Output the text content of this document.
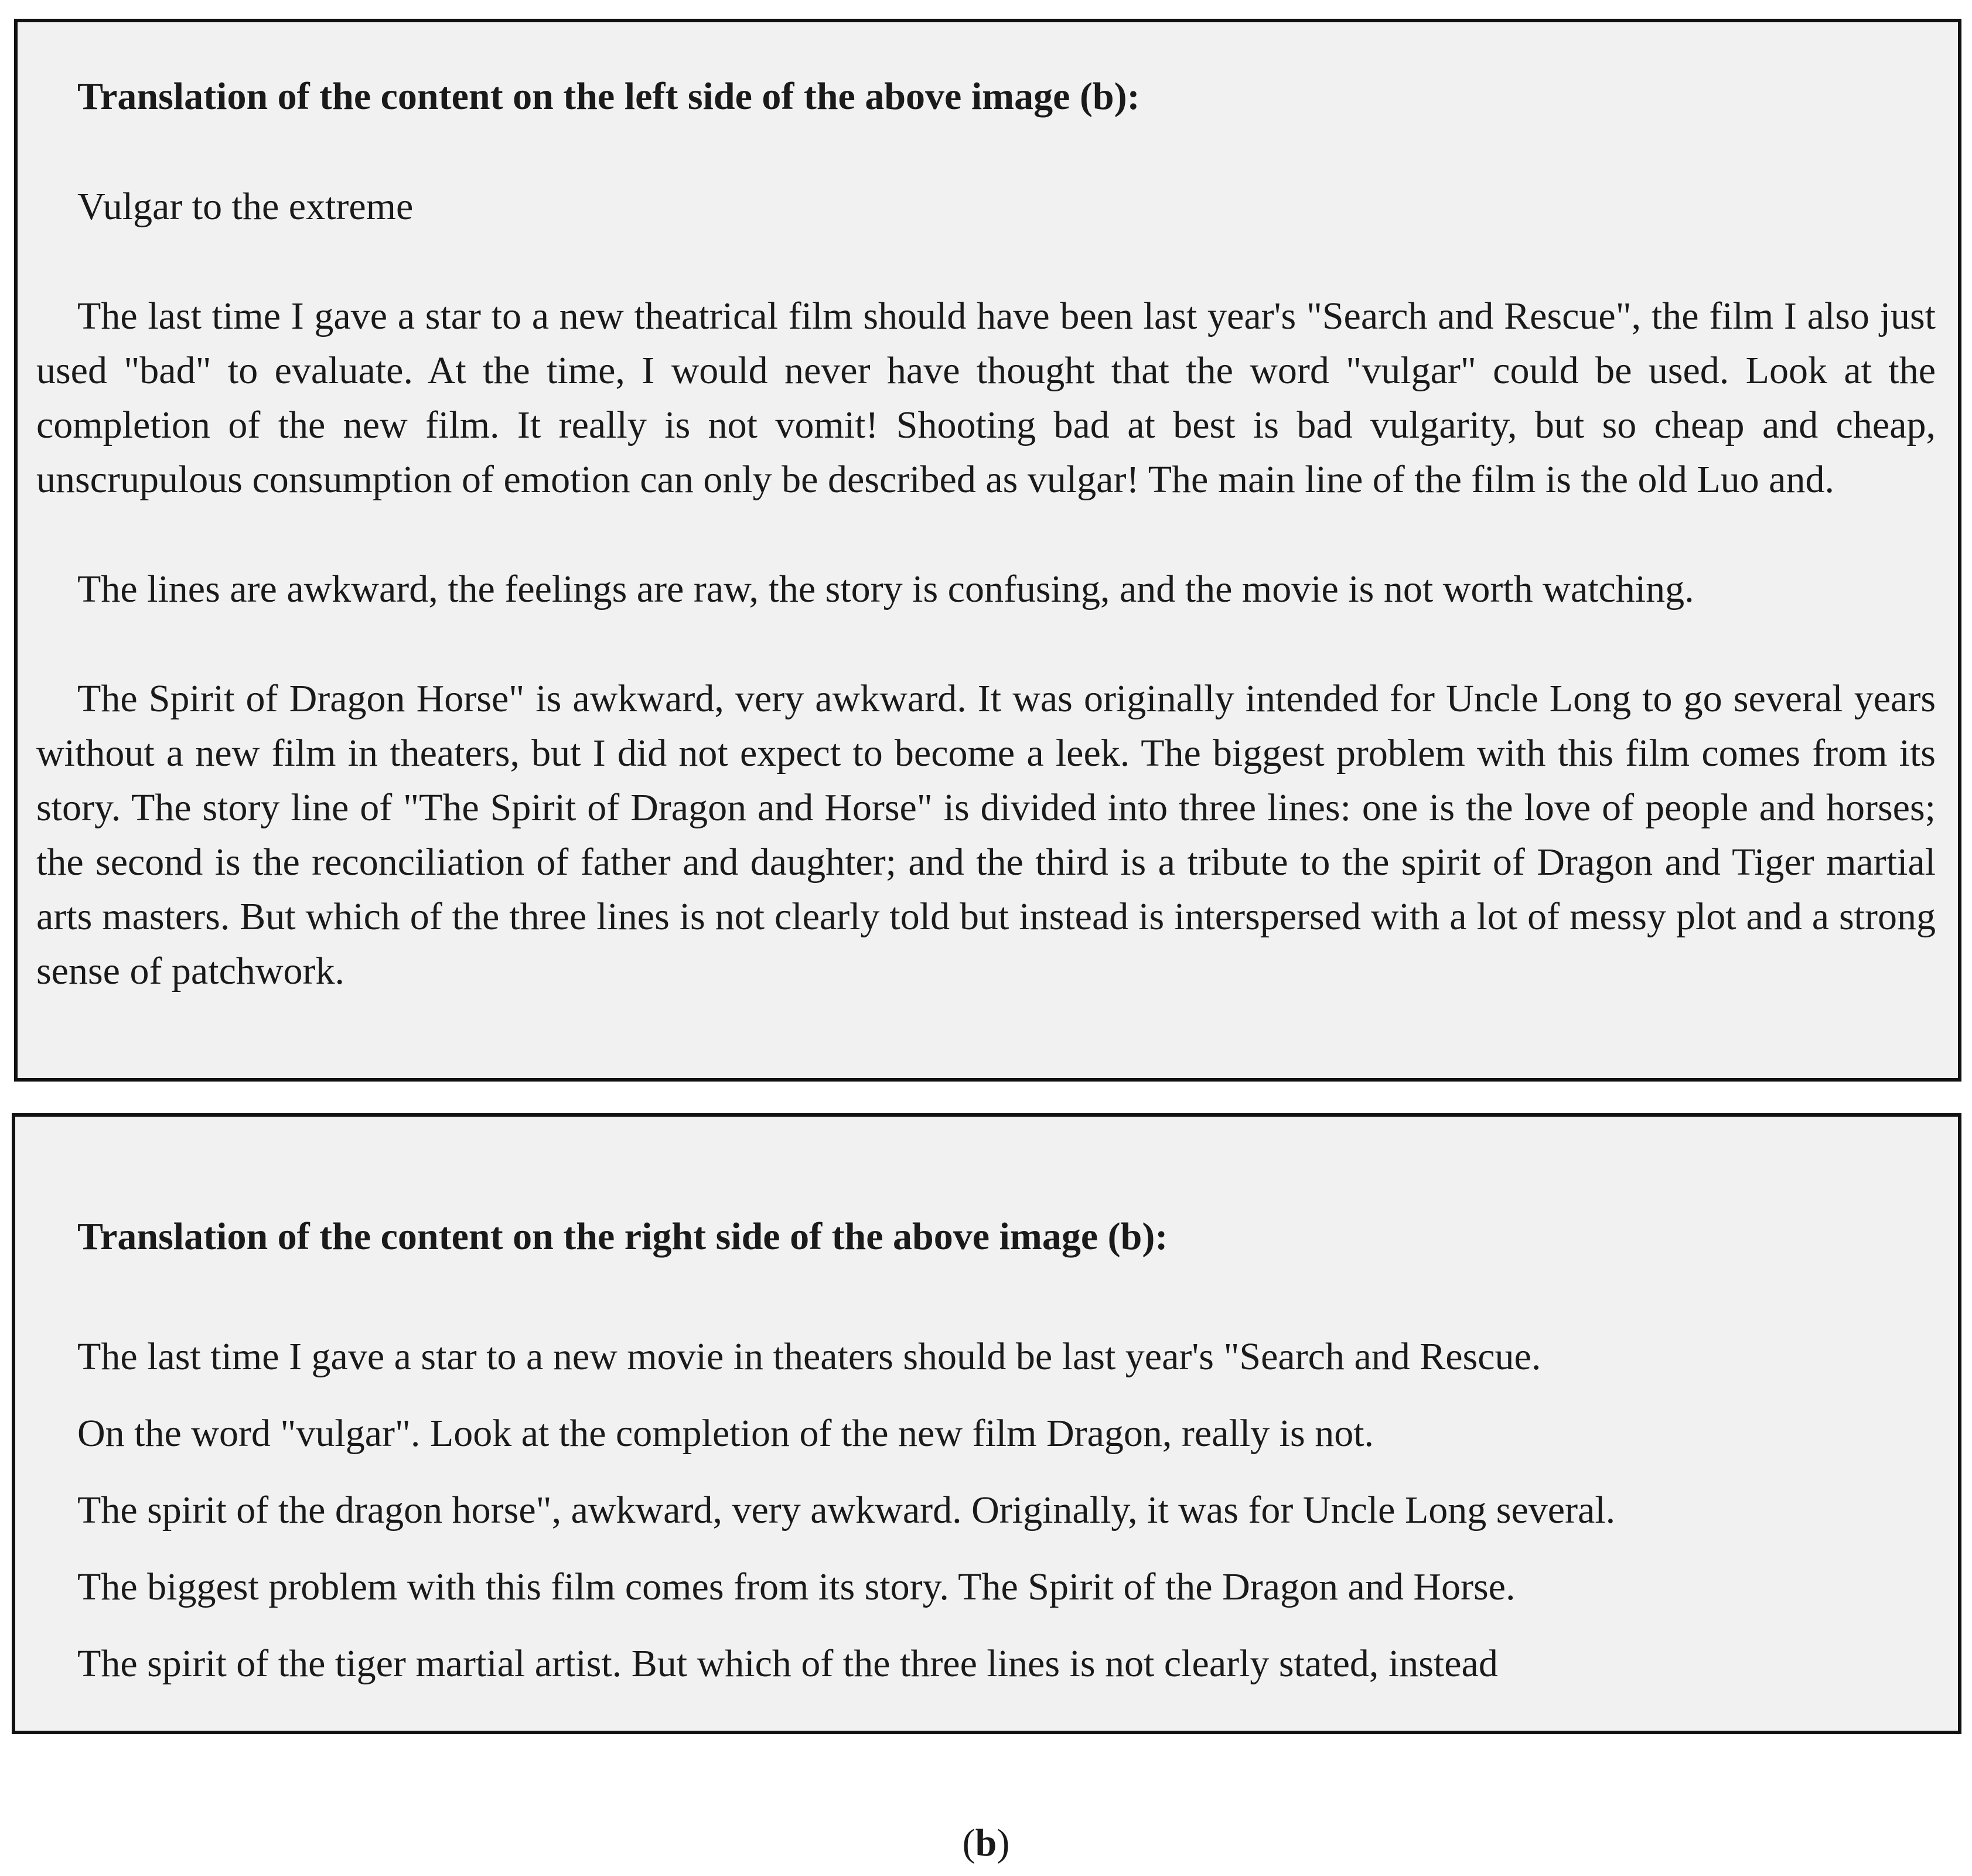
Translation of the content on the left side of the above image (b):

Vulgar to the extreme

The last time I gave a star to a new theatrical film should have been last year's "Search and Rescue", the film I also just used "bad" to evaluate. At the time, I would never have thought that the word "vulgar" could be used. Look at the completion of the new film. It really is not vomit! Shooting bad at best is bad vulgarity, but so cheap and cheap, unscrupulous consumption of emotion can only be described as vulgar! The main line of the film is the old Luo and.

The lines are awkward, the feelings are raw, the story is confusing, and the movie is not worth watching.

The Spirit of Dragon Horse" is awkward, very awkward. It was originally intended for Uncle Long to go several years without a new film in theaters, but I did not expect to become a leek. The biggest problem with this film comes from its story. The story line of "The Spirit of Dragon and Horse" is divided into three lines: one is the love of people and horses; the second is the reconciliation of father and daughter; and the third is a tribute to the spirit of Dragon and Tiger martial arts masters. But which of the three lines is not clearly told but instead is interspersed with a lot of messy plot and a strong sense of patchwork.

Translation of the content on the right side of the above image (b):

The last time I gave a star to a new movie in theaters should be last year's "Search and Rescue.
On the word "vulgar". Look at the completion of the new film Dragon, really is not.
The spirit of the dragon horse", awkward, very awkward. Originally, it was for Uncle Long several.
The biggest problem with this film comes from its story. The Spirit of the Dragon and Horse.
The spirit of the tiger martial artist. But which of the three lines is not clearly stated, instead
(b)
